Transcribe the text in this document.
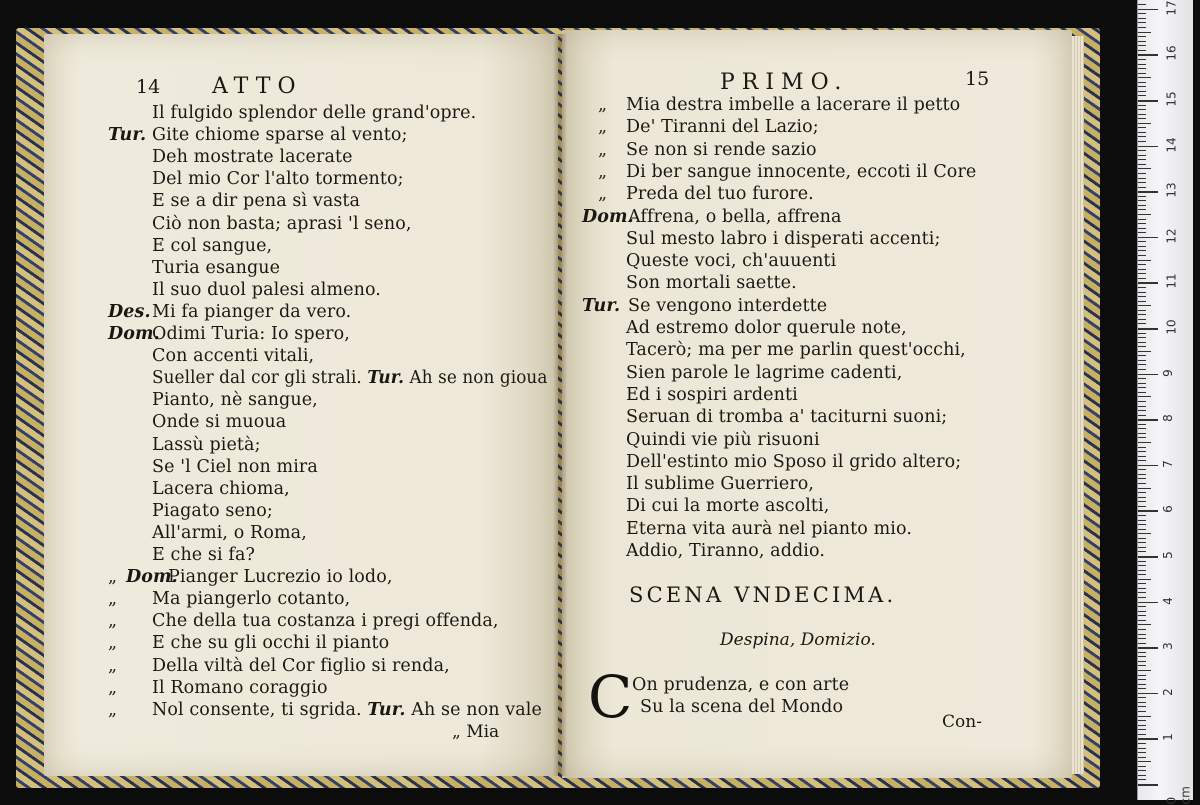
14 ATTO	PRIMO.	15
Il fulgido splendor delle grand'opre.
Tur. Gite chiome sparse al vento;
Deh mostrate lacerate
Del mio Cor l'alto tormento;
E se a dir pena sì vasta
Ciò non basta; aprasi 'l seno,
E col sangue,
Turia esangue
Il suo duol palesi almeno.
Des. Mi fa pianger da vero.
Dom.
Odimi Turia: Io spero,
Con accenti vitali,
Sueller dal cor gli strali. Tur. Ah se non gioua
Pianto, nè sangue,
Onde si muoua
Lassù pietà;
Se 'l Ciel non mira
Lacera chioma,
Piagato seno;
All'armi, o Roma,
E che si fa?
„ Dom.
Pianger Lucrezio io lodo,
„ Ma piangerlo cotanto,
„ Che della tua costanza i pregi offenda,
„ E che su gli occhi il pianto
„ Della viltà del Cor figlio si renda,
„ Il Romano coraggio
„ Nol consente, ti sgrida. Tur. Ah se non vale
„ Mia destra imbelle a lacerare il petto
„ De' Tiranni del Lazio;
„ Se non si rende sazio
„ Di ber sangue innocente, eccoti il Core
„ Preda del tuo furore.
Dom.
Affrena, o bella, affrena
Sul mesto labro i disperati accenti;
Queste voci, ch'auuenti
Son mortali saette.
Tur. Se vengono interdette
Ad estremo dolor querule note,
Tacerò; ma per me parlin quest'occhi,
Sien parole le lagrime cadenti,
Ed i sospiri ardenti
Seruan di tromba a' taciturni suoni;
Quindi vie più risuoni
Dell'estinto mio Sposo il grido altero;
Il sublime Guerriero,
Di cui la morte ascolti,
Eterna vita aurà nel pianto mio.
Addio, Tiranno, addio.
„ Mia
SCENA VNDECIMA.
Despina, Domizio.
C On prudenza, e con arte
Su la scena del Mondo
Con-
0 cm
1
2
3
4
5
6
7
8
9
10
11
12
13
14
15
16
17
